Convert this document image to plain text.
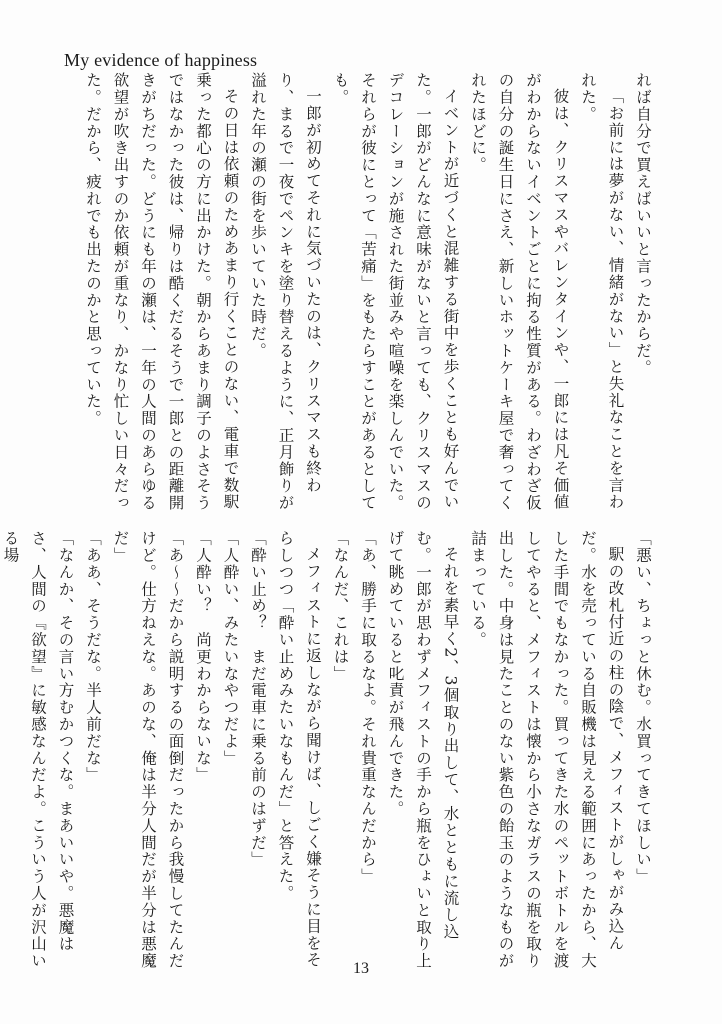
My evidence of happiness

れば自分で買えばいいと言ったからだ。

「お前には夢がない、情緒がない」と失礼なことを言われた。

彼は、クリスマスやバレンタインや、一郎には凡そ価値がわからないイベントごとに拘る性質がある。わざわざ仮の自分の誕生日にさえ、新しいホットケーキ屋で奢ってくれたほどに。

イベントが近づくと混雑する街中を歩くことも好んでいた。一郎がどんなに意味がないと言っても、クリスマスのデコレーションが施された街並みや喧噪を楽しんでいた。それらが彼にとって「苦痛」をもたらすことがあるとしても。

一郎が初めてそれに気づいたのは、クリスマスも終わり、まるで一夜でペンキを塗り替えるように、正月飾りが溢れた年の瀬の街を歩いていた時だ。

その日は依頼のためあまり行くことのない、電車で数駅乗った都心の方に出かけた。朝からあまり調子のよさそうではなかった彼は、帰りは酷くだるそうで一郎との距離開きがちだった。どうにも年の瀬は、一年の人間のあらゆる欲望が吹き出すのか依頼が重なり、かなり忙しい日々だった。だから、疲れでも出たのかと思っていた。

「悪い、ちょっと休む。水買ってきてほしい」

駅の改札付近の柱の陰で、メフィストがしゃがみ込んだ。水を売っている自販機は見える範囲にあったから、大した手間でもなかった。買ってきた水のペットボトルを渡してやると、メフィストは懐から小さなガラスの瓶を取り出した。中身は見たことのない紫色の飴玉のようなものが詰まっている。

それを素早く2、3個取り出して、水とともに流し込む。一郎が思わずメフィストの手から瓶をひょいと取り上げて眺めていると叱責が飛んできた。

「あ、勝手に取るなよ。それ貴重なんだから」

「なんだ、これは」

メフィストに返しながら聞けば、しごく嫌そうに目をそらしつつ「酔い止めみたいなもんだ」と答えた。

「酔い止め？　まだ電車に乗る前のはずだ」

「人酔い、みたいなやつだよ」

「人酔い？　尚更わからないな」

「あ〜〜だから説明するの面倒だったから我慢してたんだけど。仕方ねえな。あのな、俺は半分人間だが半分は悪魔だ」

「ああ、そうだな。半人前だな」

「なんか、その言い方むかつくな。まあいいや。悪魔はさ、人間の『欲望』に敏感なんだよ。こういう人が沢山いる場

13
